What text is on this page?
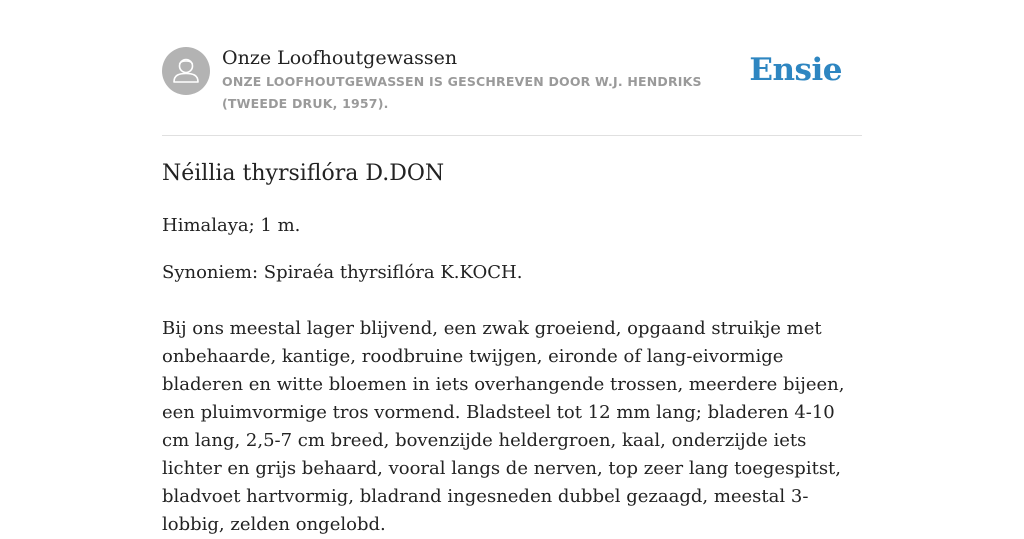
Onze Loofhoutgewassen
ONZE LOOFHOUTGEWASSEN IS GESCHREVEN DOOR W.J. HENDRIKS (TWEEDE DRUK, 1957).
Ensie
Néillia thyrsiflóra D.DON

Himalaya; 1 m.

Synoniem: Spiraéa thyrsiflóra K.KOCH.

Bij ons meestal lager blijvend, een zwak groeiend, opgaand struikje met onbehaarde, kantige, roodbruine twijgen, eironde of lang-eivormige bladeren en witte bloemen in iets overhangende trossen, meerdere bijeen, een pluimvormige tros vormend. Bladsteel tot 12 mm lang; bladeren 4-10 cm lang, 2,5-7 cm breed, bovenzijde heldergroen, kaal, onderzijde iets lichter en grijs behaard, vooral langs de nerven, top zeer lang toegespitst, bladvoet hartvormig, bladrand ingesneden dubbel gezaagd, meestal 3-lobbig, zelden ongelobd.
